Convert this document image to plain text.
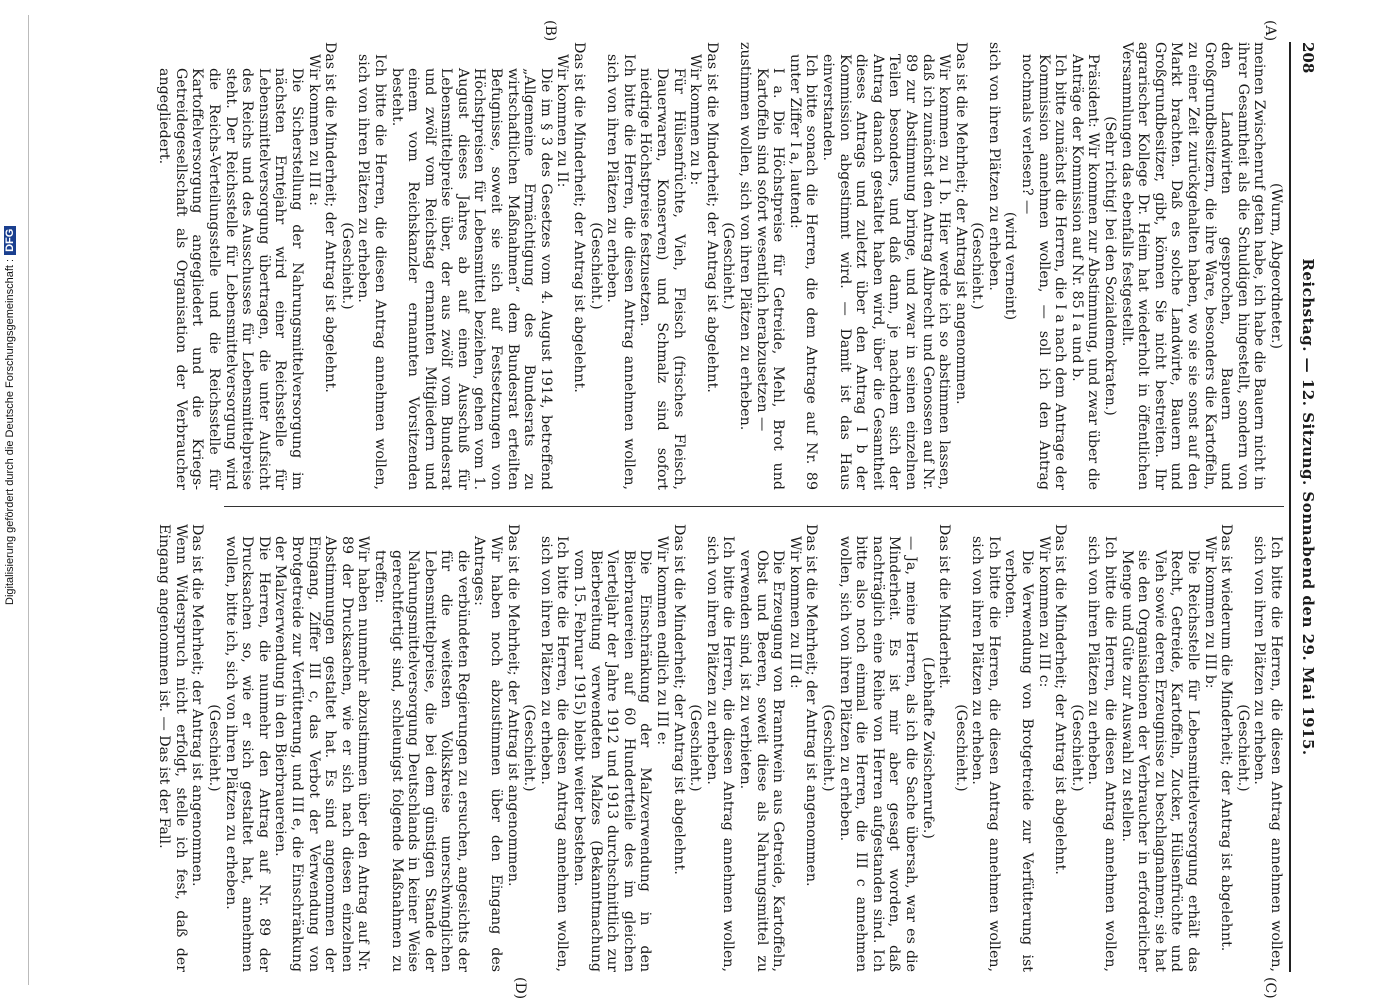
208
Reichstag. — 12. Sitzung. Sonnabend den 29. Mai 1915.
(A)
(B)
(C)
(D)

(Wurm, Abgeordneter.)

meinen Zwischenruf getan habe, ich habe die Bauern nicht in ihrer Gesamtheit als die Schuldigen hingestellt, sondern von den Landwirten gesprochen, Bauern und Großgrundbesitzern, die ihre Ware, besonders die Kartoffeln, zu einer Zeit zurückgehalten haben, wo sie sie sonst auf den Markt brachten. Daß es solche Landwirte, Bauern und Großgrundbesitzer, gibt, können Sie nicht bestreiten. Ihr agrarischer Kollege Dr. Heim hat wiederholt in öffentlichen Versammlungen das ebenfalls festgestellt.

(Sehr richtig! bei den Sozialdemokraten.)

Präsident: Wir kommen zur Abstimmung, und zwar über die Anträge der Kommission auf Nr. 85 I a und b.

Ich bitte zunächst die Herren, die I a nach dem Antrage der Kommission annehmen wollen, — soll ich den Antrag nochmals verlesen? —

(wird verneint)

sich von ihren Plätzen zu erheben.

(Geschieht.)

Das ist die Mehrheit; der Antrag ist angenommen.

Wir kommen zu I b. Hier werde ich so abstimmen lassen, daß ich zunächst den Antrag Albrecht und Genossen auf Nr. 89 zur Abstimmung bringe, und zwar in seinen einzelnen Teilen besonders, und daß dann, je nachdem sich der Antrag danach gestaltet haben wird, über die Gesamtheit dieses Antrags und zuletzt über den Antrag I b der Kommission abgestimmt wird. — Damit ist das Haus einverstanden.

Ich bitte sonach die Herren, die dem Antrage auf Nr. 89 unter Ziffer I a, lautend:

I a. Die Höchstpreise für Getreide, Mehl, Brot und Kartoffeln sind sofort wesentlich herabzusetzen —

zustimmen wollen, sich von ihren Plätzen zu erheben.

(Geschieht.)

Das ist die Minderheit; der Antrag ist abgelehnt.

Wir kommen zu b:

Für Hülsenfrüchte, Vieh, Fleisch (frisches Fleisch, Dauerwaren, Konserven) und Schmalz sind sofort niedrige Höchstpreise festzusetzen.

Ich bitte die Herren, die diesen Antrag annehmen wollen, sich von ihren Plätzen zu erheben.

(Geschieht.)

Das ist die Minderheit; der Antrag ist abgelehnt.

Wir kommen zu II:

Die im § 3 des Gesetzes vom 4. August 1914, betreffend „Allgemeine Ermächtigung des Bundesrats zu wirtschaftlichen Maßnahmen“ dem Bundesrat erteilten Befugnisse, soweit sie sich auf Festsetzungen von Höchstpreisen für Lebensmittel beziehen, gehen vom 1. August dieses Jahres ab auf einen Ausschuß für Lebensmittelpreise über, der aus zwölf vom Bundesrat und zwölf vom Reichstag ernannten Mitgliedern und einem vom Reichskanzler ernannten Vorsitzenden besteht.

Ich bitte die Herren, die diesen Antrag annehmen wollen, sich von ihren Plätzen zu erheben.

(Geschieht.)

Das ist die Minderheit; der Antrag ist abgelehnt.

Wir kommen zu III a:

Die Sicherstellung der Nahrungsmittelversorgung im nächsten Erntejahr wird einer Reichsstelle für Lebensmittelversorgung übertragen, die unter Aufsicht des Reichs und des Ausschusses für Lebensmittelpreise steht. Der Reichsstelle für Lebensmittelversorgung wird die Reichs-Verteilungsstelle und die Reichsstelle für Kartoffelversorgung angegliedert und die Kriegs-Getreidegesellschaft als Organisation der Verbraucher angegliedert.

Ich bitte die Herren, die diesen Antrag annehmen wollen, sich von ihren Plätzen zu erheben.

(Geschieht.)

Das ist wiederum die Minderheit; der Antrag ist abgelehnt.

Wir kommen zu III b:

Die Reichsstelle für Lebensmittelversorgung erhält das Recht, Getreide, Kartoffeln, Zucker, Hülsenfrüchte und Vieh sowie deren Erzeugnisse zu beschlagnahmen; sie hat sie den Organisationen der Verbraucher in erforderlicher Menge und Güte zur Auswahl zu stellen.

Ich bitte die Herren, die diesen Antrag annehmen wollen, sich von ihren Plätzen zu erheben.

(Geschieht.)

Das ist die Minderheit; der Antrag ist abgelehnt.

Wir kommen zu III c:

Die Verwendung von Brotgetreide zur Verfütterung ist verboten.

Ich bitte die Herren, die diesen Antrag annehmen wollen, sich von ihren Plätzen zu erheben.

(Geschieht.)

Das ist die Minderheit.

(Lebhafte Zwischenrufe.)

— Ja, meine Herren, als ich die Sache übersah, war es die Minderheit. Es ist mir aber gesagt worden, daß nachträglich eine Reihe von Herren aufgestanden sind. Ich bitte also noch einmal die Herren, die III c annehmen wollen, sich von ihren Plätzen zu erheben.

(Geschieht.)

Das ist die Mehrheit; der Antrag ist angenommen.

Wir kommen zu III d:

Die Erzeugung von Branntwein aus Getreide, Kartoffeln, Obst und Beeren, soweit diese als Nahrungsmittel zu verwenden sind, ist zu verbieten.

Ich bitte die Herren, die diesen Antrag annehmen wollen, sich von ihren Plätzen zu erheben.

(Geschieht.)

Das ist die Minderheit; der Antrag ist abgelehnt.

Wir kommen endlich zu III e:

Die Einschränkung der Malzverwendung in den Bierbrauereien auf 60 Hundertteile des im gleichen Vierteljahr der Jahre 1912 und 1913 durchschnittlich zur Bierbereitung verwendeten Malzes (Bekanntmachung vom 15. Februar 1915) bleibt weiter bestehen.

Ich bitte die Herren, die diesen Antrag annehmen wollen, sich von ihren Plätzen zu erheben.

(Geschieht.)

Das ist die Mehrheit; der Antrag ist angenommen.

Wir haben noch abzustimmen über den Eingang des Antrages:

die verbündeten Regierungen zu ersuchen, angesichts der für die weitesten Volkskreise unerschwinglichen Lebensmittelpreise, die bei dem günstigen Stande der Nahrungsmittelversorgung Deutschlands in keiner Weise gerechtfertigt sind, schleunigst folgende Maßnahmen zu treffen:

Wir haben nunmehr abzustimmen über den Antrag auf Nr. 89 der Drucksachen, wie er sich nach diesen einzelnen Abstimmungen gestaltet hat. Es sind angenommen der Eingang, Ziffer III c, das Verbot der Verwendung von Brotgetreide zur Verfütterung, und III e, die Einschränkung der Malzverwendung in den Bierbrauereien.

Die Herren, die nunmehr den Antrag auf Nr. 89 der Drucksachen so, wie er sich gestaltet hat, annehmen wollen, bitte ich, sich von ihren Plätzen zu erheben.

(Geschieht.)

Das ist die Mehrheit; der Antrag ist angenommen.

Wenn Widerspruch nicht erfolgt, stelle ich fest, daß der Eingang angenommen ist. — Das ist der Fall.

Digitalisierung gefördert durch die Deutsche Forschungsgemeinschaft :DFG
